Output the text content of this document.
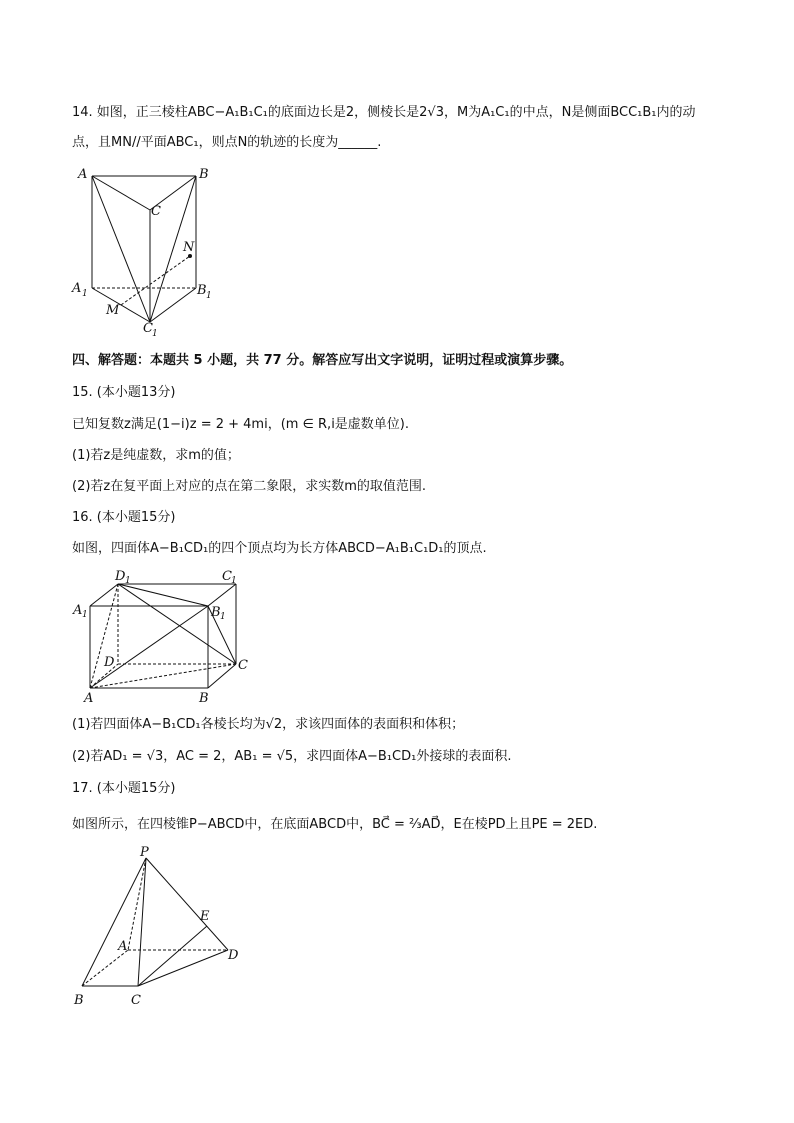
14. 如图，正三棱柱ABC−A₁B₁C₁的底面边长是2，侧棱长是2√3，M为A₁C₁的中点，N是侧面BCC₁B₁内的动
点，且MN//平面ABC₁，则点N的轨迹的长度为______.
A	B
C
N
A 1	B 1
M
C 1
四、解答题：本题共 5 小题，共 77 分。解答应写出文字说明，证明过程或演算步骤。
15. (本小题13分)
已知复数z满足(1−i)z = 2 + 4mi，(m ∈ R,i是虚数单位).
(1)若z是纯虚数，求m的值；
(2)若z在复平面上对应的点在第二象限，求实数m的取值范围.
16. (本小题15分)
如图，四面体A−B₁CD₁的四个顶点均为长方体ABCD−A₁B₁C₁D₁的顶点.
D 1	C 1
A 1	B 1
D	C
A	B
(1)若四面体A−B₁CD₁各棱长均为√2，求该四面体的表面积和体积；
(2)若AD₁ = √3，AC = 2，AB₁ = √5，求四面体A−B₁CD₁外接球的表面积.
17. (本小题15分)
如图所示，在四棱锥P−ABCD中，在底面ABCD中，BC⃗ = ⅔AD⃗，E在棱PD上且PE = 2ED.
P
E
A
D
B	C
